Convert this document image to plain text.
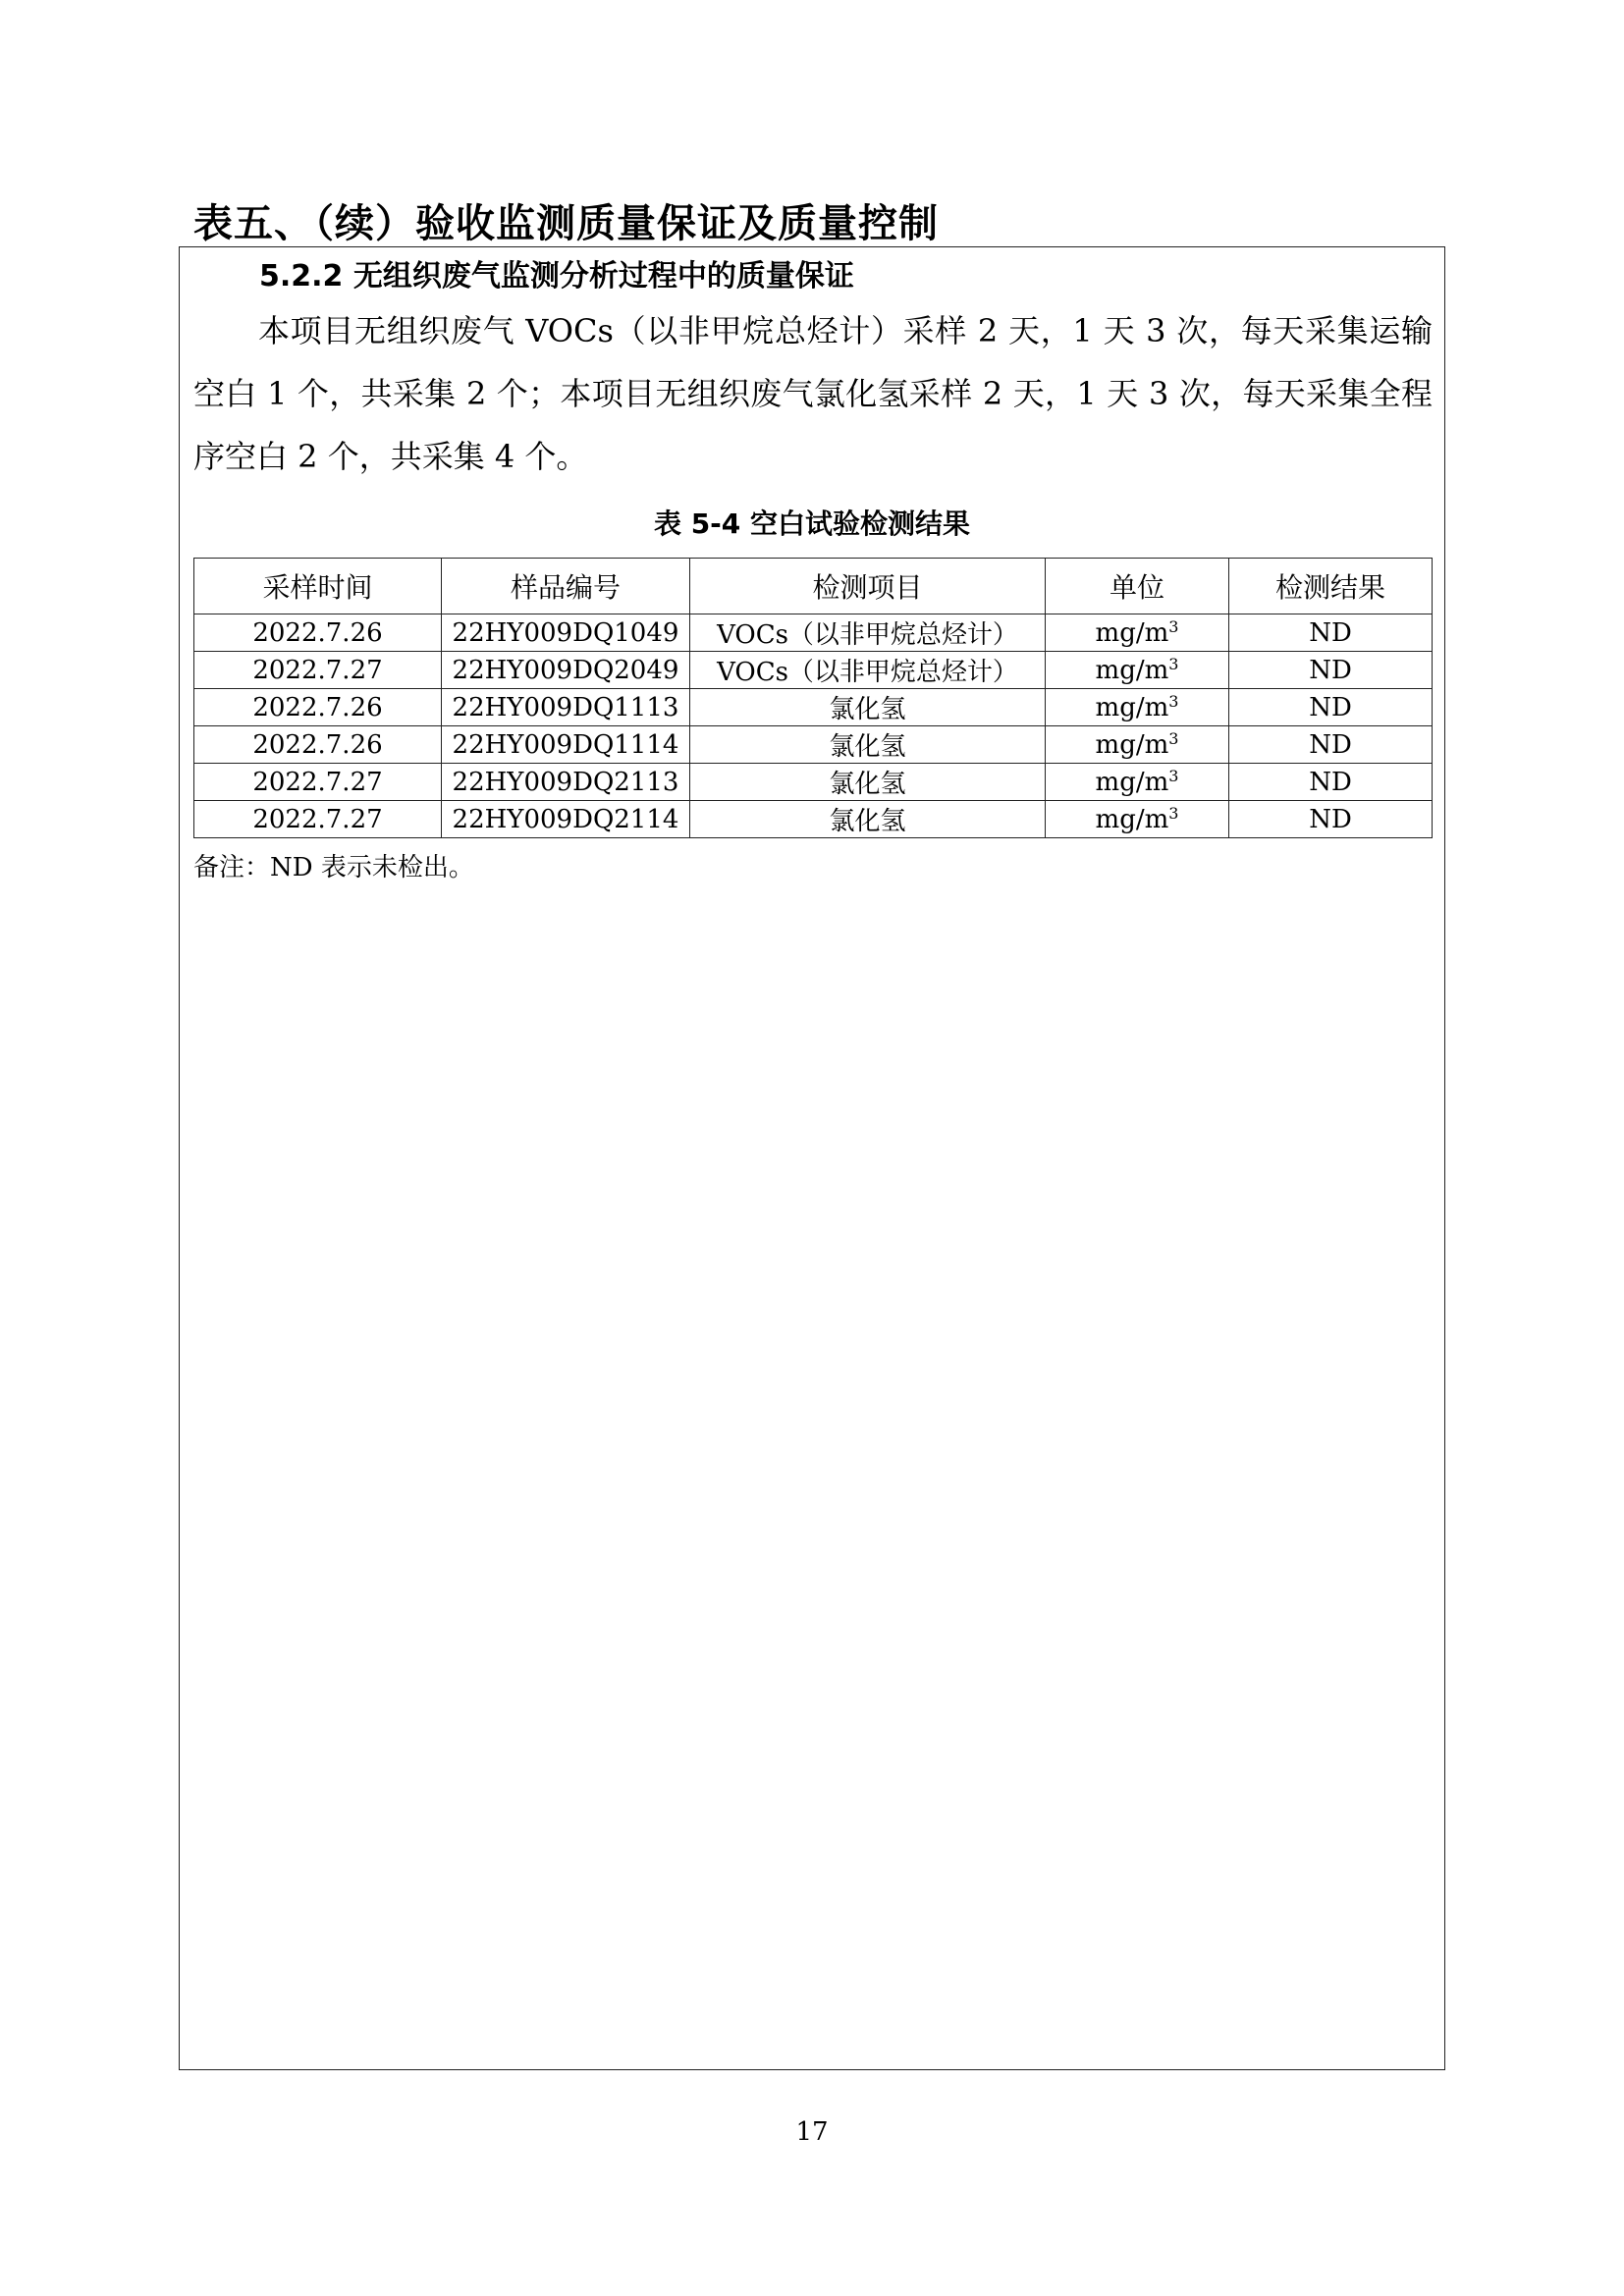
表五、（续）验收监测质量保证及质量控制
5.2.2 无组织废气监测分析过程中的质量保证

本项目无组织废气 VOCs（以非甲烷总烃计）采样 2 天，1 天 3 次，每天采集运输空白 1 个，共采集 2 个；本项目无组织废气氯化氢采样 2 天，1 天 3 次，每天采集全程序空白 2 个，共采集 4 个。

表 5-4 空白试验检测结果
采样时间	样品编号	检测项目	单位	检测结果
2022.7.26	22HY009DQ1049	VOCs（以非甲烷总烃计）	$mg/m^3$	ND
2022.7.27	22HY009DQ2049	VOCs（以非甲烷总烃计）	$mg/m^3$	ND
2022.7.26	22HY009DQ1113	氯化氢	$mg/m^3$	ND
2022.7.26	22HY009DQ1114	氯化氢	$mg/m^3$	ND
2022.7.27	22HY009DQ2113	氯化氢	$mg/m^3$	ND
2022.7.27	22HY009DQ2114	氯化氢	$mg/m^3$	ND
备注：ND 表示未检出。
17
